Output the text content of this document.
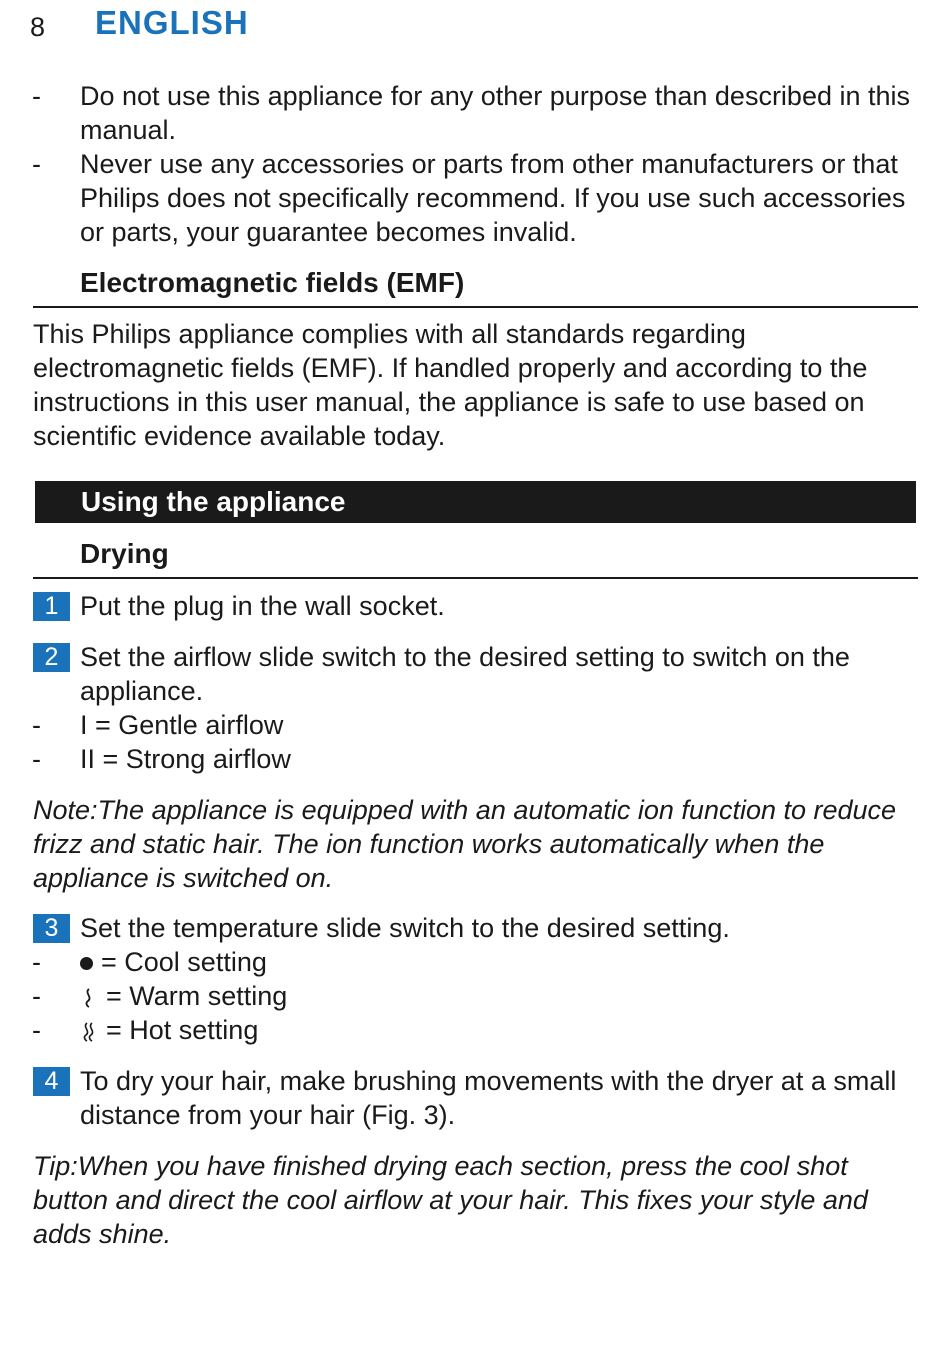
8 ENGLISH
- Do not use this appliance for any other purpose than described in this manual.
- Never use any accessories or parts from other manufacturers or that Philips does not specifically recommend. If you use such accessories or parts, your guarantee becomes invalid.
Electromagnetic fields (EMF)
This Philips appliance complies with all standards regarding electromagnetic fields (EMF). If handled properly and according to the instructions in this user manual, the appliance is safe to use based on scientific evidence available today.
Using the appliance
Drying
1 Put the plug in the wall socket.
2 Set the airflow slide switch to the desired setting to switch on the appliance.
- I = Gentle airflow
- II = Strong airflow
Note:The appliance is equipped with an automatic ion function to reduce frizz and static hair. The ion function works automatically when the appliance is switched on.
3 Set the temperature slide switch to the desired setting.
- = Cool setting
- = Warm setting
- = Hot setting
4 To dry your hair, make brushing movements with the dryer at a small distance from your hair (Fig. 3).
Tip:When you have finished drying each section, press the cool shot button and direct the cool airflow at your hair. This fixes your style and adds shine.
